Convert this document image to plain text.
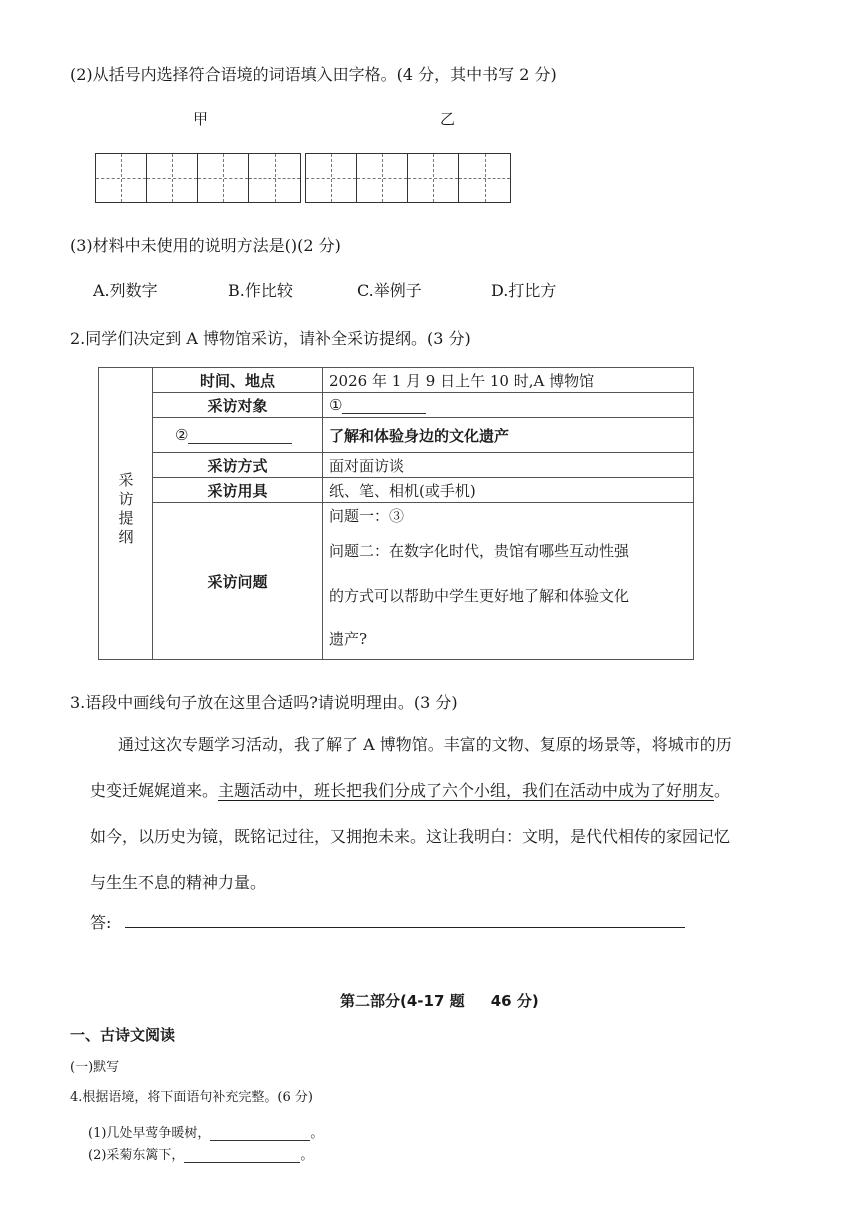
(2)从括号内选择符合语境的词语填入田字格。(4 分，其中书写 2 分)
甲	乙
(3)材料中未使用的说明方法是()(2 分)
A.列数字	B.作比较	C.举例子	D.打比方
2.同学们决定到 A 博物馆采访，请补全采访提纲。(3 分)
采访提纲	时间、地点	2026 年 1 月 9 日上午 10 时,A 博物馆
	采访对象	①
	②	了解和体验身边的文化遗产
	采访方式	面对面访谈
	采访用具	纸、笔、相机(或手机)
	采访问题	问题一：③
问题二：在数字化时代，贵馆有哪些互动性强
的方式可以帮助中学生更好地了解和体验文化
遗产?
3.语段中画线句子放在这里合适吗?请说明理由。(3 分)
通过这次专题学习活动，我了解了 A 博物馆。丰富的文物、复原的场景等，将城市的历
史变迁娓娓道来。主题活动中，班长把我们分成了六个小组，我们在活动中成为了好朋友。
如今，以历史为镜，既铭记过往，又拥抱未来。这让我明白：文明，是代代相传的家园记忆
与生生不息的精神力量。
答:
第二部分(4-17 题     46 分)
一、古诗文阅读
(一)默写
4.根据语境，将下面语句补充完整。(6 分)
(1)几处早莺争暖树，	。
(2)采菊东篱下，	。
